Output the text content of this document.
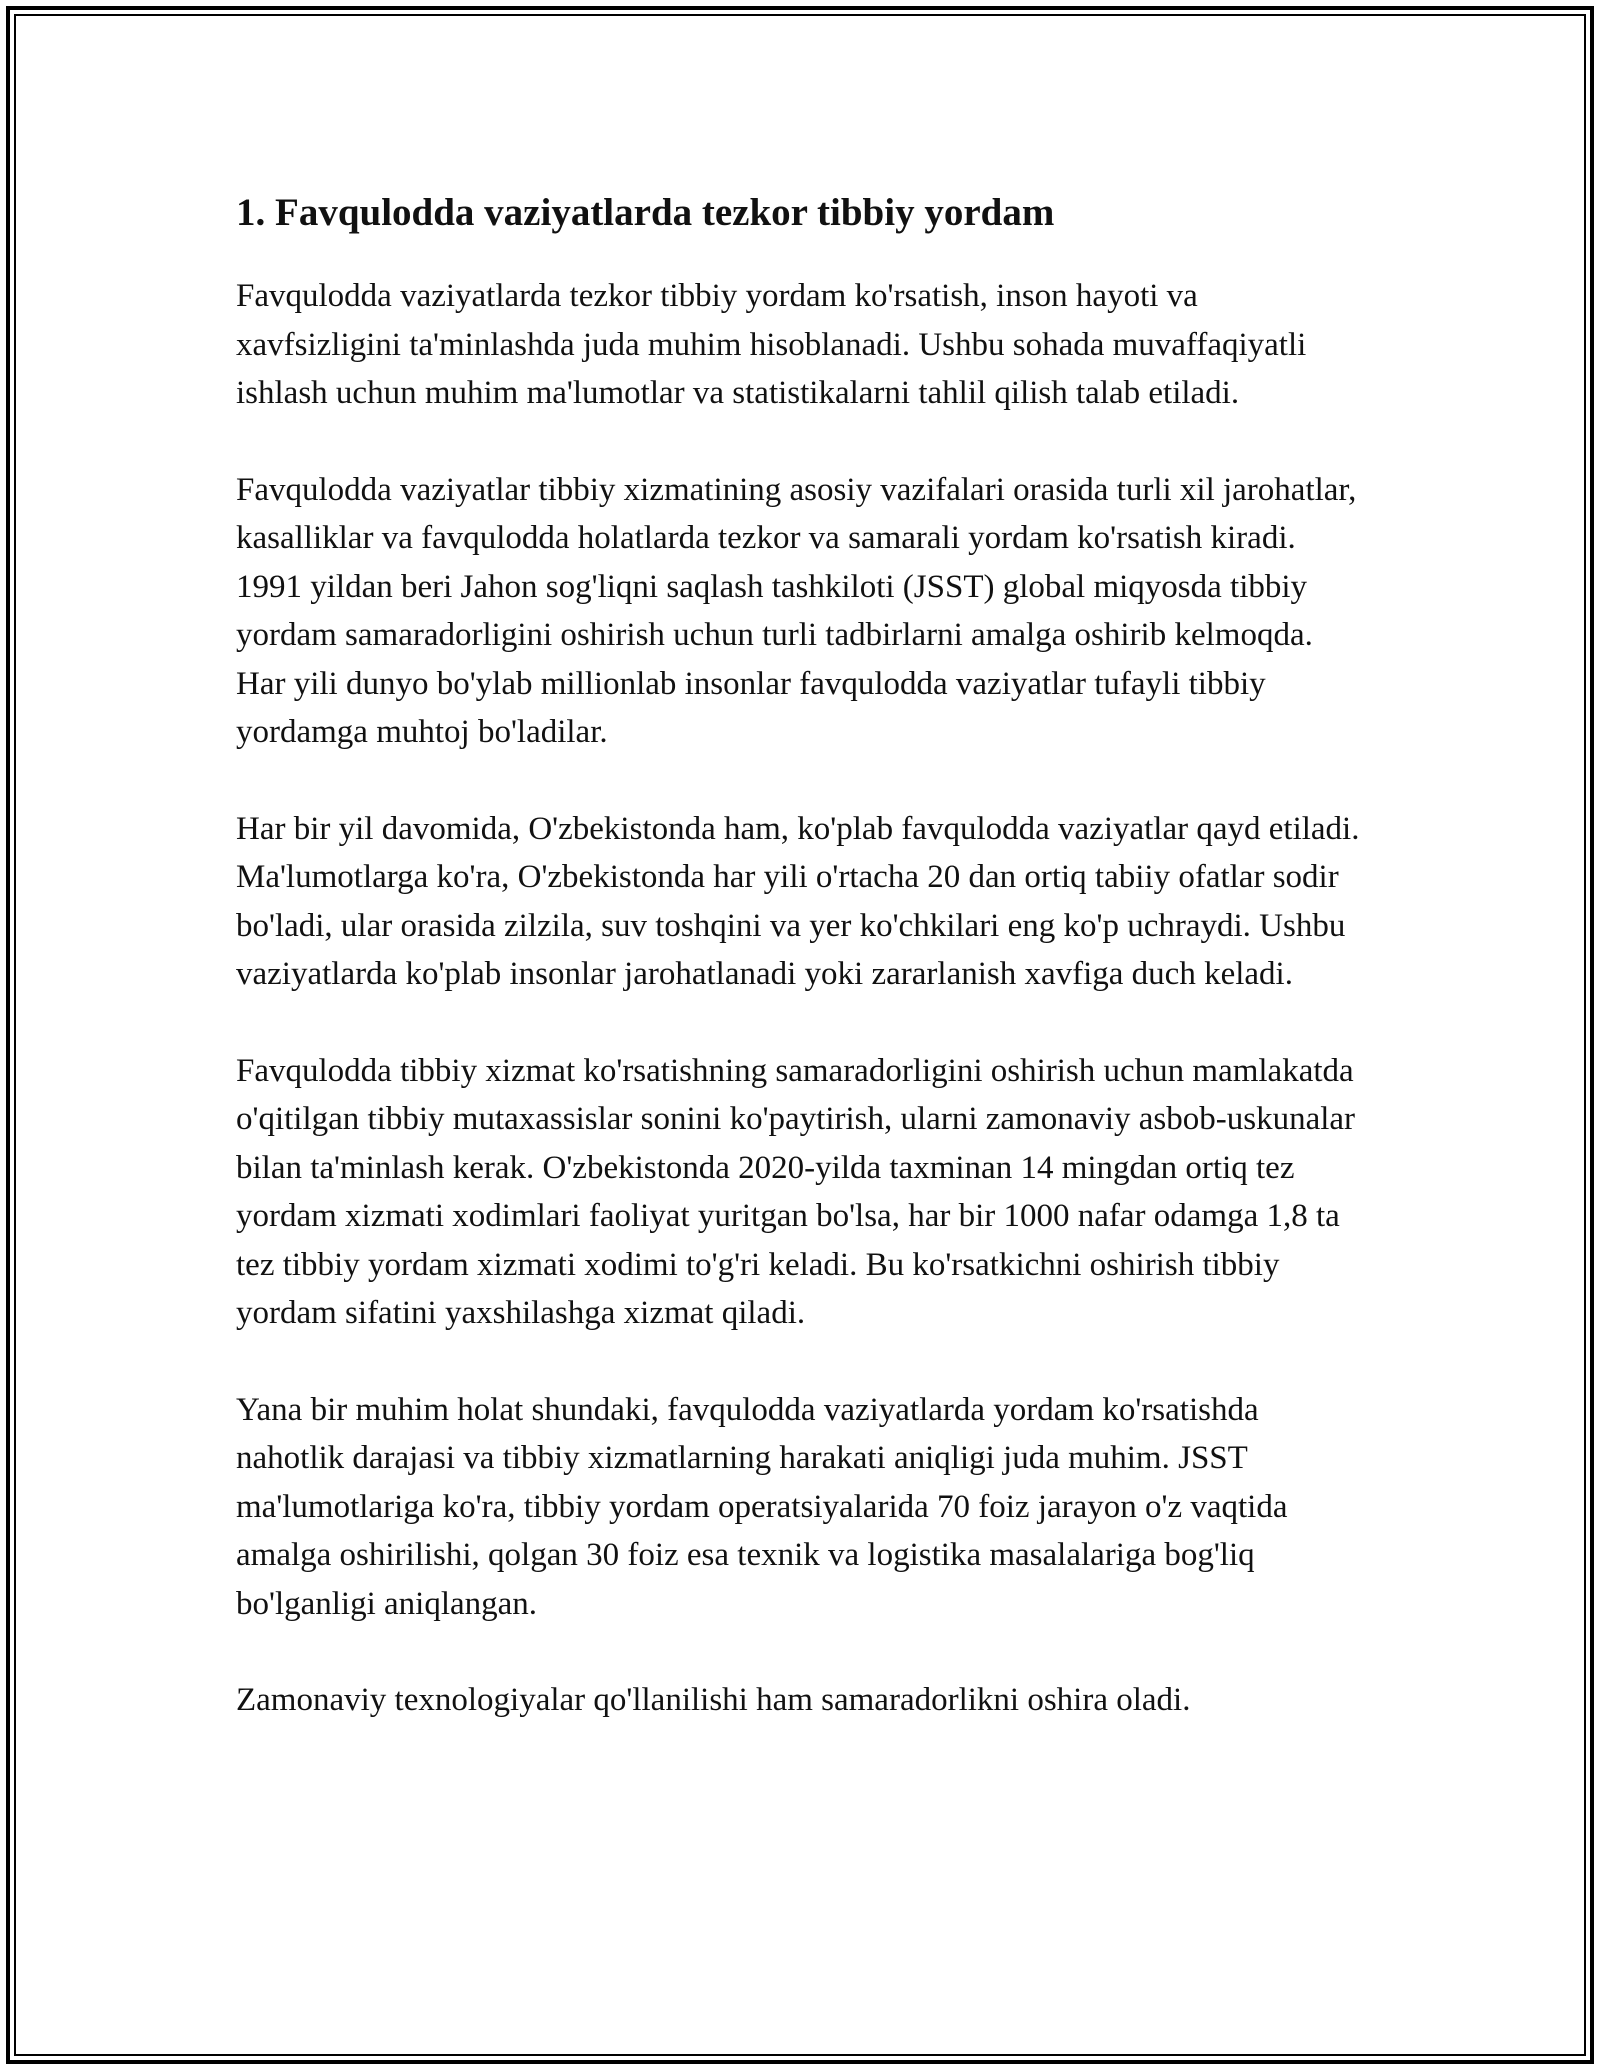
1. Favqulodda vaziyatlarda tezkor tibbiy yordam

Favqulodda vaziyatlarda tezkor tibbiy yordam ko'rsatish, inson hayoti va xavfsizligini ta'minlashda juda muhim hisoblanadi. Ushbu sohada muvaffaqiyatli ishlash uchun muhim ma'lumotlar va statistikalarni tahlil qilish talab etiladi.

Favqulodda vaziyatlar tibbiy xizmatining asosiy vazifalari orasida turli xil jarohatlar, kasalliklar va favqulodda holatlarda tezkor va samarali yordam ko'rsatish kiradi. 1991 yildan beri Jahon sog'liqni saqlash tashkiloti (JSST) global miqyosda tibbiy yordam samaradorligini oshirish uchun turli tadbirlarni amalga oshirib kelmoqda. Har yili dunyo bo'ylab millionlab insonlar favqulodda vaziyatlar tufayli tibbiy yordamga muhtoj bo'ladilar.

Har bir yil davomida, O'zbekistonda ham, ko'plab favqulodda vaziyatlar qayd etiladi. Ma'lumotlarga ko'ra, O'zbekistonda har yili o'rtacha 20 dan ortiq tabiiy ofatlar sodir bo'ladi, ular orasida zilzila, suv toshqini va yer ko'chkilari eng ko'p uchraydi. Ushbu vaziyatlarda ko'plab insonlar jarohatlanadi yoki zararlanish xavfiga duch keladi.

Favqulodda tibbiy xizmat ko'rsatishning samaradorligini oshirish uchun mamlakatda o'qitilgan tibbiy mutaxassislar sonini ko'paytirish, ularni zamonaviy asbob-uskunalar bilan ta'minlash kerak. O'zbekistonda 2020-yilda taxminan 14 mingdan ortiq tez yordam xizmati xodimlari faoliyat yuritgan bo'lsa, har bir 1000 nafar odamga 1,8 ta tez tibbiy yordam xizmati xodimi to'g'ri keladi. Bu ko'rsatkichni oshirish tibbiy yordam sifatini yaxshilashga xizmat qiladi.

Yana bir muhim holat shundaki, favqulodda vaziyatlarda yordam ko'rsatishda nahotlik darajasi va tibbiy xizmatlarning harakati aniqligi juda muhim. JSST ma'lumotlariga ko'ra, tibbiy yordam operatsiyalarida 70 foiz jarayon o'z vaqtida amalga oshirilishi, qolgan 30 foiz esa texnik va logistika masalalariga bog'liq bo'lganligi aniqlangan.

Zamonaviy texnologiyalar qo'llanilishi ham samaradorlikni oshira oladi.
